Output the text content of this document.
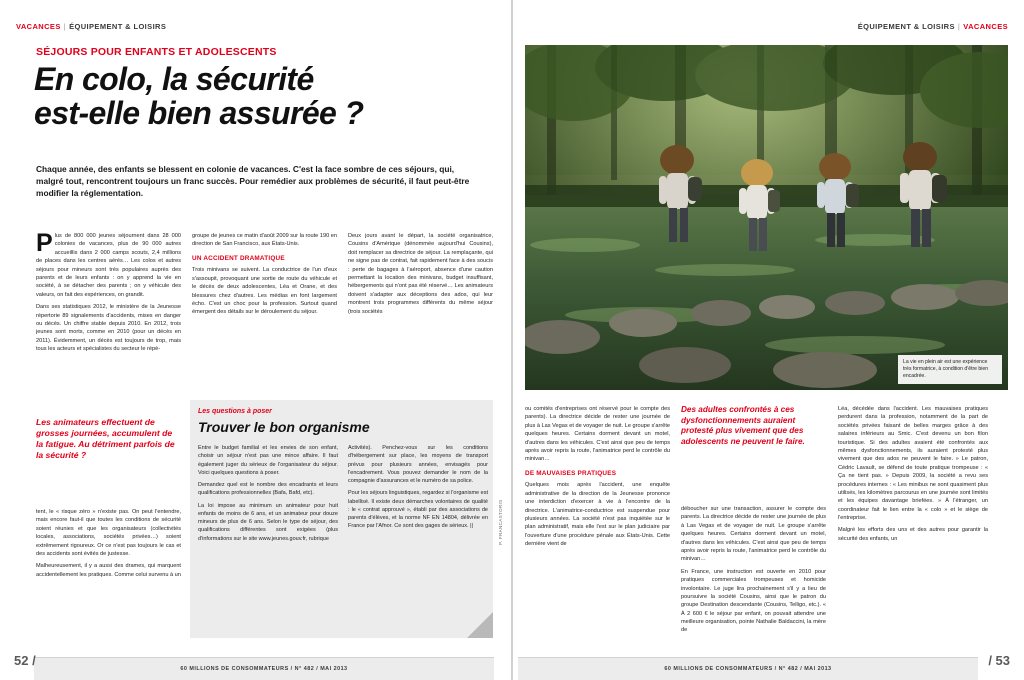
VACANCES | ÉQUIPEMENT & LOISIRS
SÉJOURS POUR ENFANTS ET ADOLESCENTS
En colo, la sécurité
est-elle bien assurée ?
Chaque année, des enfants se blessent en colonie de vacances. C'est la face sombre de ces séjours, qui, malgré tout, rencontrent toujours un franc succès. Pour remédier aux problèmes de sécurité, il faut peut-être modifier la réglementation.

Plus de 800 000 jeunes séjournent dans 28 000 colonies de vacances, plus de 90 000 autres accueillis dans 2 000 camps scouts, 2,4 millions de places dans les centres aérés… Les colos et autres séjours pour mineurs sont très populaires auprès des parents et de leurs enfants : on y apprend la vie en société, à se détacher des parents ; on y véhicule des valeurs, on fait des expériences, on grandit.

Dans ses statistiques 2012, le ministère de la Jeunesse répertorie 89 signalements d'accidents, mises en danger ou décès. Un chiffre stable depuis 2010. En 2012, trois jeunes sont morts, comme en 2010 (pour un décès en 2011). Évidemment, un décès est toujours de trop, mais tous les acteurs et spécialistes du secteur le répè-

Les animateurs effectuent de grosses journées, accumulent de la fatigue. Au détriment parfois de la sécurité ?

tent, le « risque zéro » n'existe pas. On peut l'entendre, mais encore faut-il que toutes les conditions de sécurité soient réunies et que les organisateurs (collectivités locales, associations, sociétés privées…) soient extrêmement rigoureux. Or ce n'est pas toujours le cas et des accidents sont évités de justesse.

Malheureusement, il y a aussi des drames, qui marquent accidentellement les pratiques. Comme celui survenu à un

groupe de jeunes ce matin d'août 2009 sur la route 190 en direction de San Francisco, aux États-Unis.

UN ACCIDENT DRAMATIQUE

Trois minivans se suivent. La conductrice de l'un d'eux s'assoupit, provoquant une sortie de route du véhicule et le décès de deux adolescentes, Léa et Orane, et des blessures chez d'autres. Les médias en font largement écho. C'est un choc pour la profession. Surtout quand émergent des détails sur le déroulement du séjour.

Deux jours avant le départ, la société organisatrice, Cousins d'Amérique (dénommée aujourd'hui Cousins), doit remplacer sa directrice de séjour. La remplaçante, qui ne signe pas de contrat, fait rapidement face à des soucis : perte de bagages à l'aéroport, absence d'une caution permettant la location des minivans, budget insuffisant, hébergements qui n'ont pas été réservé… Les animateurs doivent s'adapter aux déceptions des ados, qui leur montrent trois programmes différents du même séjour (trois sociétés

Les questions à poser
Trouver le bon organisme

Entre le budget familial et les envies de son enfant, choisir un séjour n'est pas une mince affaire. Il faut également juger du sérieux de l'organisateur du séjour. Voici quelques questions à poser.

Demandez quel est le nombre des encadrants et leurs qualifications professionnelles (Bafa, Bafd, etc).

La loi impose au minimum un animateur pour huit enfants de moins de 6 ans, et un animateur pour douze mineurs de plus de 6 ans. Selon le type de séjour, des qualifications différentes sont exigées (plus d'informations sur le site www.jeunes.gouv.fr, rubrique

Activités). Penchez-vous sur les conditions d'hébergement sur place, les moyens de transport prévus pour plusieurs années, envisagés pour l'encadrement. Vous pouvez demander le nom de la compagnie d'assurances et le numéro de sa police.

Pour les séjours linguistiques, regardez si l'organisme est labellisé. Il existe deux démarches volontaires de qualité : le « contrat approuvé », établi par des associations de parents d'élèves, et la norme NF EN 14804, délivrée en France par l'Afnor. Ce sont des gages de sérieux. ||

60 MILLIONS DE CONSOMMATEURS / N° 482 / MAI 2013
52 /
ÉQUIPEMENT & LOISIRS | VACANCES
La vie en plein air est une expérience très formatrice, à condition d'être bien encadrée.
P. FRANCASTORIS

ou comités d'entreprises ont réservé pour le compte des parents). La directrice décide de rester une journée de plus à Las Vegas et de voyager de nuit. Le groupe s'arrête quelques heures. Certains dorment devant un motel, d'autres dans les véhicules. C'est ainsi que peu de temps après avoir repris la route, l'animatrice perd le contrôle du minivan…

DE MAUVAISES PRATIQUES

Quelques mois après l'accident, une enquête administrative de la direction de la Jeunesse prononce une interdiction d'exercer à vie à l'encontre de la directrice. L'animatrice-conductrice est suspendue pour plusieurs années. La société n'est pas inquiétée sur le plan administratif, mais elle l'est sur le plan judiciaire par l'ouverture d'une procédure pénale aux États-Unis. Cette dernière vient de

Des adultes confrontés à ces dysfonctionnements auraient protesté plus vivement que des adolescents ne peuvent le faire.

déboucher sur une transaction, assurer le compte des parents. La directrice décide de rester une journée de plus à Las Vegas et de voyager de nuit. Le groupe s'arrête quelques heures. Certains dorment devant un motel, d'autres dans les véhicules. C'est ainsi que peu de temps après avoir repris la route, l'animatrice perd le contrôle du minivan…

En France, une instruction est ouverte en 2010 pour pratiques commerciales trompeuses et homicide involontaire. Le juge lira prochainement s'il y a lieu de poursuivre la société Cousins, ainsi que le patron du groupe Destination descendante (Cousins, Telligo, etc.). « À 2 600 € le séjour par enfant, on pouvait attendre une meilleure organisation, pointe Nathalie Baldaccini, la mère de

Léa, décédée dans l'accident. Les mauvaises pratiques perdurent dans la profession, notamment de la part de sociétés privées faisant de belles marges grâce à des salaires inférieurs au Smic. C'est devenu un bon filon touristique. Si des adultes avaient été confrontés aux mêmes dysfonctionnements, ils auraient protesté plus vivement que des ados ne peuvent le faire. » Le patron, Cédric Lavault, se défend de toute pratique trompeuse : « Ça ne tient pas. » Depuis 2009, la société a revu ses procédures internes : « Les minibus ne sont quasiment plus utilisés, les kilomètres parcourus en une journée sont limités et les équipes davantage briefées. » À l'étranger, un coordinateur fait le lien entre la « colo » et le siège de l'entreprise.

Malgré les efforts des uns et des autres pour garantir la sécurité des enfants, un

60 MILLIONS DE CONSOMMATEURS / N° 482 / MAI 2013
/ 53
